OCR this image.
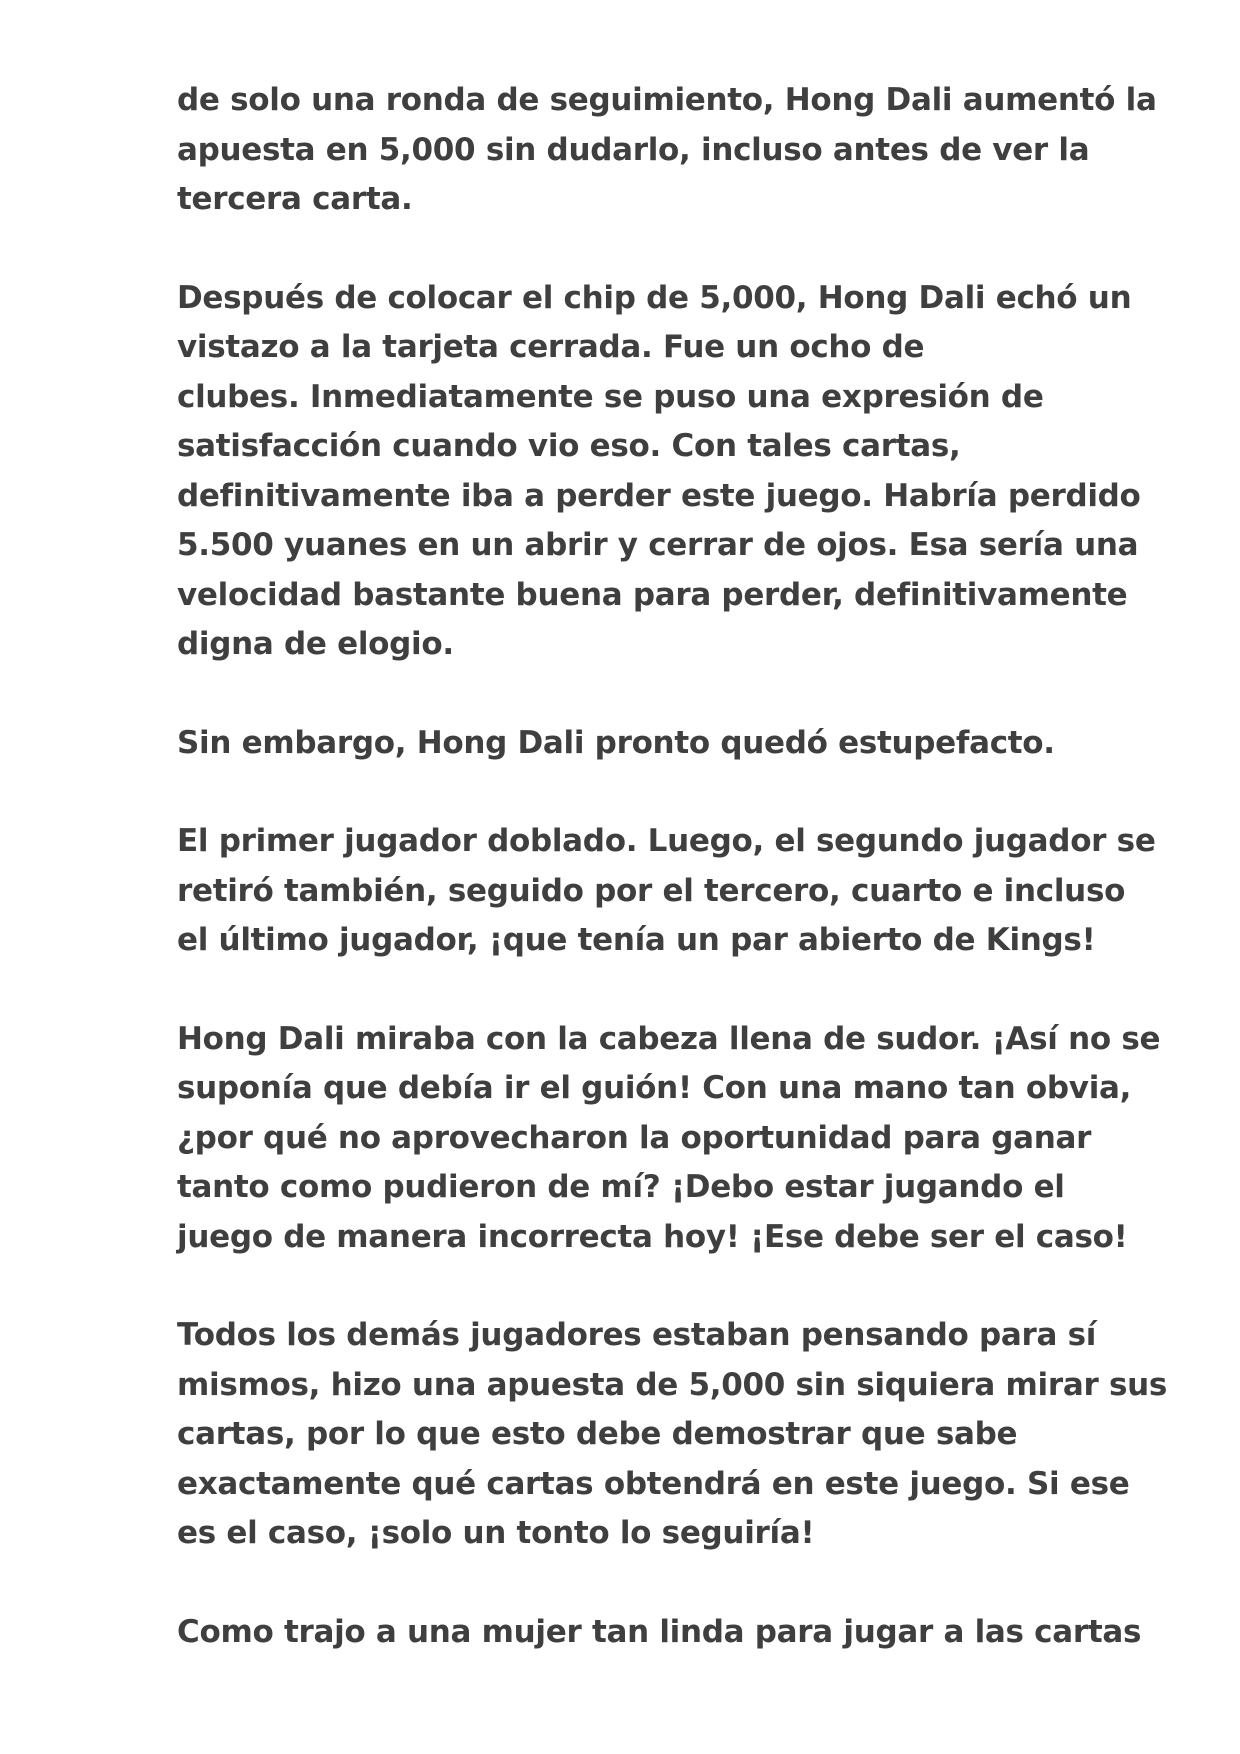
de solo una ronda de seguimiento, Hong Dali aumentó la
apuesta en 5,000 sin dudarlo, incluso antes de ver la
tercera carta.

Después de colocar el chip de 5,000, Hong Dali echó un
vistazo a la tarjeta cerrada. Fue un ocho de
clubes. Inmediatamente se puso una expresión de
satisfacción cuando vio eso. Con tales cartas,
definitivamente iba a perder este juego. Habría perdido
5.500 yuanes en un abrir y cerrar de ojos. Esa sería una
velocidad bastante buena para perder, definitivamente
digna de elogio.

Sin embargo, Hong Dali pronto quedó estupefacto.

El primer jugador doblado. Luego, el segundo jugador se
retiró también, seguido por el tercero, cuarto e incluso
el último jugador, ¡que tenía un par abierto de Kings!

Hong Dali miraba con la cabeza llena de sudor. ¡Así no se
suponía que debía ir el guión! Con una mano tan obvia,
¿por qué no aprovecharon la oportunidad para ganar
tanto como pudieron de mí? ¡Debo estar jugando el
juego de manera incorrecta hoy! ¡Ese debe ser el caso!

Todos los demás jugadores estaban pensando para sí
mismos, hizo una apuesta de 5,000 sin siquiera mirar sus
cartas, por lo que esto debe demostrar que sabe
exactamente qué cartas obtendrá en este juego. Si ese
es el caso, ¡solo un tonto lo seguiría!

Como trajo a una mujer tan linda para jugar a las cartas
